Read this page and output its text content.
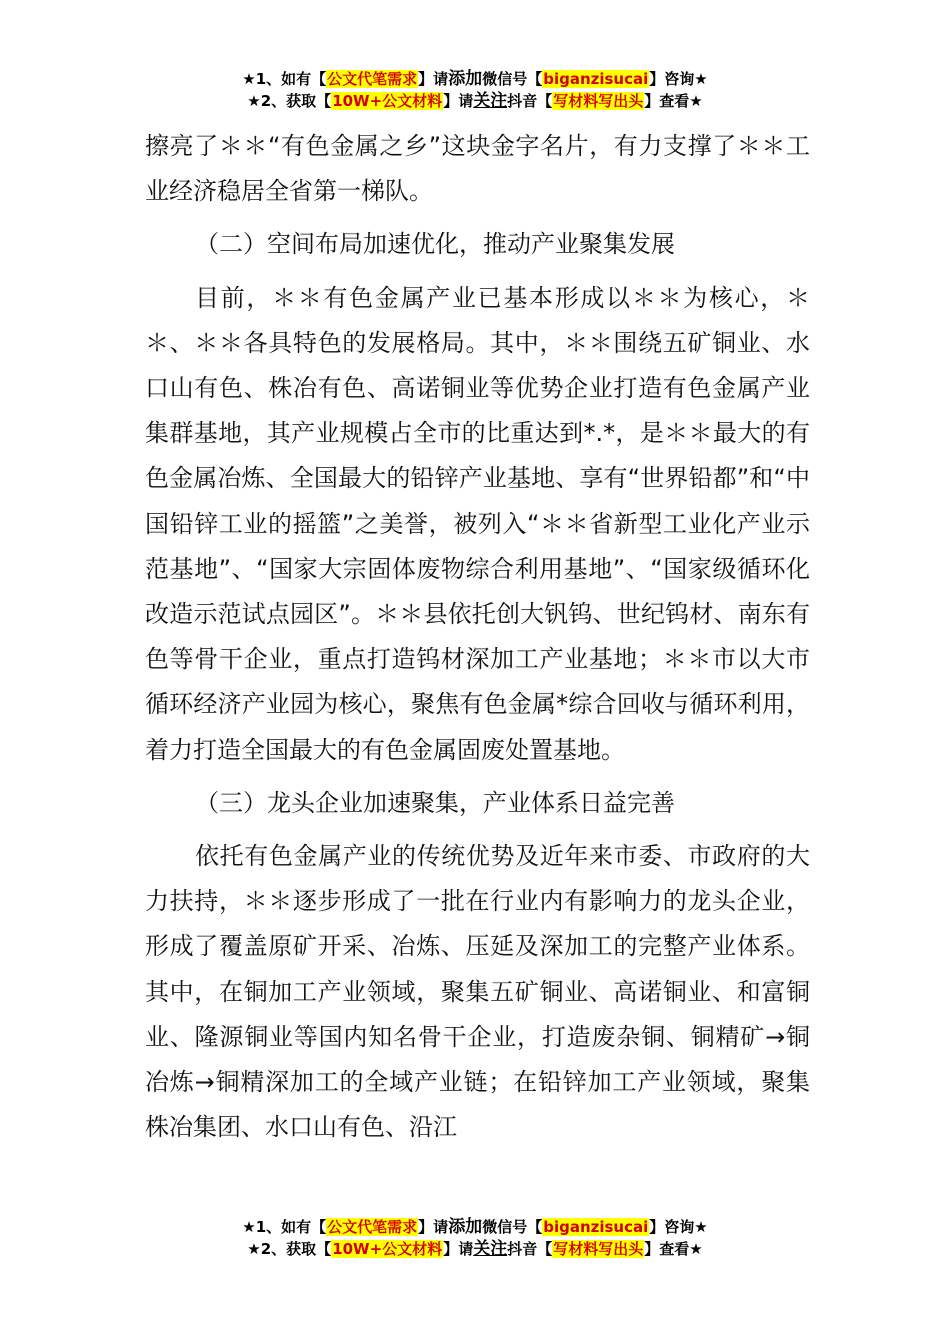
★1、如有【公文代笔需求】请添加微信号【biganzisucai】咨询★
★2、获取【10W+公文材料】请关注抖音【写材料写出头】查看★

擦亮了＊＊“有色金属之乡”这块金字名片，有力支撑了＊＊工业经济稳居全省第一梯队。

（二）空间布局加速优化，推动产业聚集发展

目前，＊＊有色金属产业已基本形成以＊＊为核心，＊＊、＊＊各具特色的发展格局。其中，＊＊围绕五矿铜业、水口山有色、株冶有色、高诺铜业等优势企业打造有色金属产业集群基地，其产业规模占全市的比重达到*.*，是＊＊最大的有色金属冶炼、全国最大的铅锌产业基地、享有“世界铅都”和“中国铅锌工业的摇篮”之美誉，被列入“＊＊省新型工业化产业示范基地”、“国家大宗固体废物综合利用基地”、“国家级循环化改造示范试点园区”。＊＊县依托创大钒钨、世纪钨材、南东有色等骨干企业，重点打造钨材深加工产业基地；＊＊市以大市循环经济产业园为核心，聚焦有色金属*综合回收与循环利用，着力打造全国最大的有色金属固废处置基地。

（三）龙头企业加速聚集，产业体系日益完善

依托有色金属产业的传统优势及近年来市委、市政府的大力扶持，＊＊逐步形成了一批在行业内有影响力的龙头企业，形成了覆盖原矿开采、冶炼、压延及深加工的完整产业体系。其中，在铜加工产业领域，聚集五矿铜业、高诺铜业、和富铜业、隆源铜业等国内知名骨干企业，打造废杂铜、铜精矿→铜冶炼→铜精深加工的全域产业链；在铅锌加工产业领域，聚集株冶集团、水口山有色、沿江

★1、如有【公文代笔需求】请添加微信号【biganzisucai】咨询★
★2、获取【10W+公文材料】请关注抖音【写材料写出头】查看★
